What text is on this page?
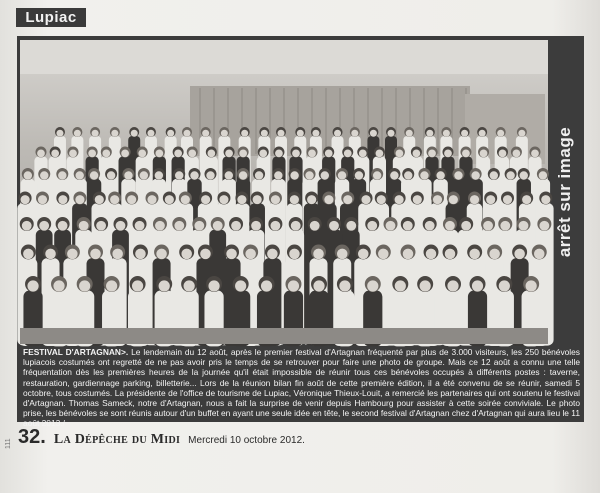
Lupiac
arrêt sur image
FESTIVAL D'ARTAGNAN>. Le lendemain du 12 août, après le premier festival d'Artagnan fréquenté par plus de 3.000 visiteurs, les 250 bénévoles lupiacois costumés ont regretté de ne pas avoir pris le temps de se retrouver pour faire une photo de groupe. Mais ce 12 août a connu une telle fréquentation dès les premières heures de la journée qu'il était impossible de réunir tous ces bénévoles occupés à différents postes : taverne, restauration, gardiennage parking, billetterie... Lors de la réunion bilan fin août de cette première édition, il a été convenu de se réunir, samedi 5 octobre, tous costumés. La présidente de l'office de tourisme de Lupiac, Véronique Thieux-Louit, a remercié les partenaires qui ont soutenu le festival d'Artagnan. Thomas Sameck, notre d'Artagnan, nous a fait la surprise de venir depuis Hambourg pour assister à cette soirée conviviale. Le photo prise, les bénévoles se sont réunis autour d'un buffet en ayant une seule idée en tête, le second festival d'Artagnan chez d'Artagnan qui aura lieu le 11 août 2013./
111 32. La Dépêche du Midi Mercredi 10 octobre 2012.
